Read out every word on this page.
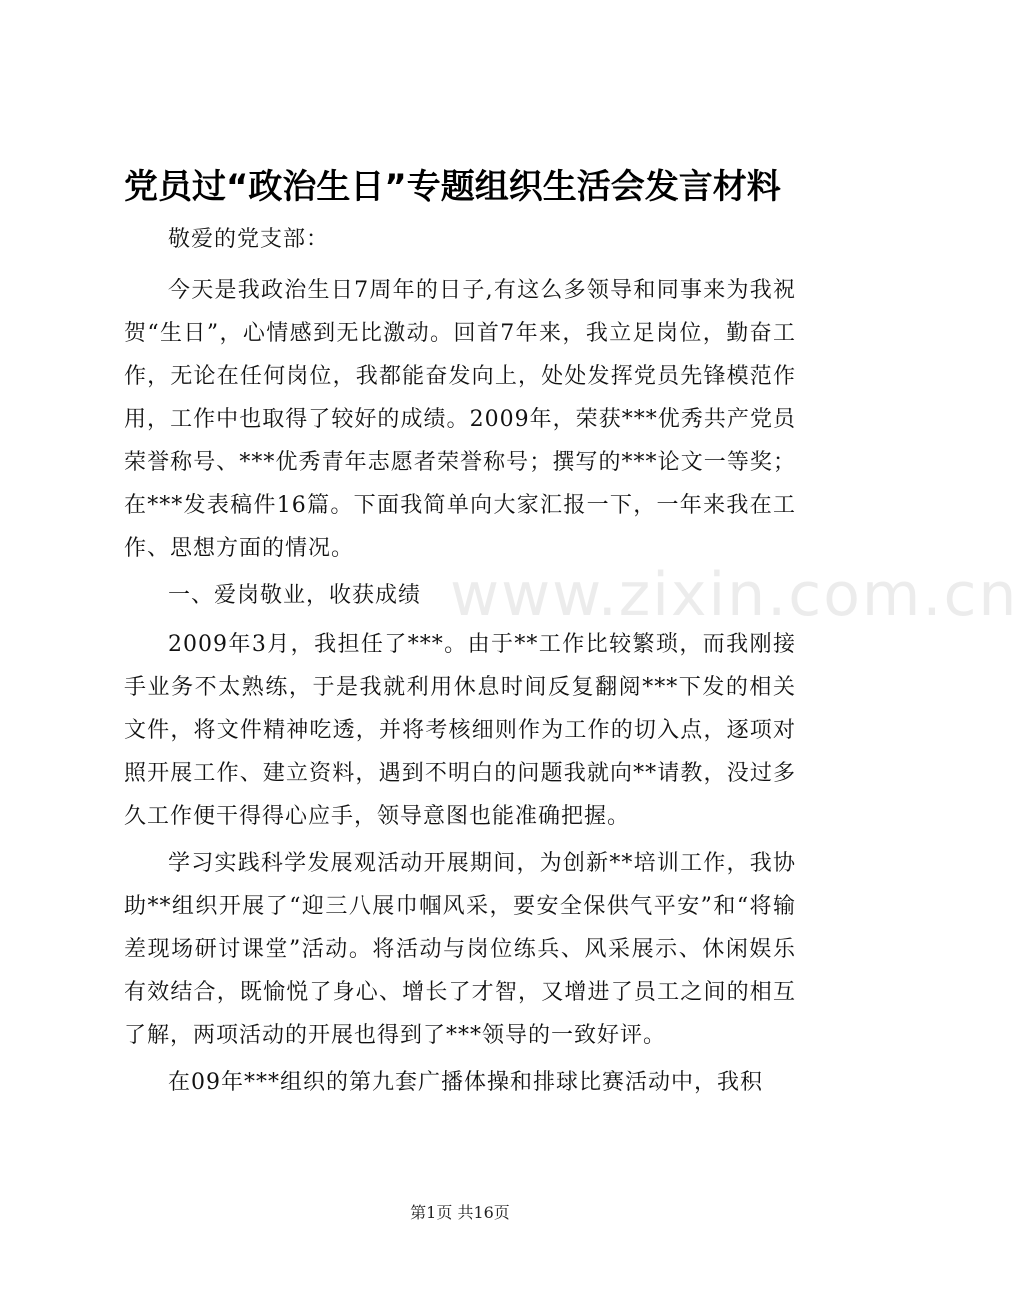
www.zixin.com.cn
党员过“政治生日”专题组织生活会发言材料

敬爱的党支部：

今天是我政治生日7周年的日子,有这么多领导和同事来为我祝贺“生日”，心情感到无比激动。回首7年来，我立足岗位，勤奋工作，无论在任何岗位，我都能奋发向上，处处发挥党员先锋模范作用，工作中也取得了较好的成绩。2009年，荣获***优秀共产党员荣誉称号、***优秀青年志愿者荣誉称号；撰写的***论文一等奖；在***发表稿件16篇。下面我简单向大家汇报一下，一年来我在工作、思想方面的情况。

一、爱岗敬业，收获成绩

2009年3月，我担任了***。由于**工作比较繁琐，而我刚接手业务不太熟练，于是我就利用休息时间反复翻阅***下发的相关文件，将文件精神吃透，并将考核细则作为工作的切入点，逐项对照开展工作、建立资料，遇到不明白的问题我就向**请教，没过多久工作便干得得心应手，领导意图也能准确把握。

学习实践科学发展观活动开展期间，为创新**培训工作，我协助**组织开展了“迎三八展巾帼风采，要安全保供气平安”和“将输差现场研讨课堂”活动。将活动与岗位练兵、风采展示、休闲娱乐有效结合，既愉悦了身心、增长了才智，又增进了员工之间的相互了解，两项活动的开展也得到了***领导的一致好评。

在09年***组织的第九套广播体操和排球比赛活动中，我积

第1页 共16页
